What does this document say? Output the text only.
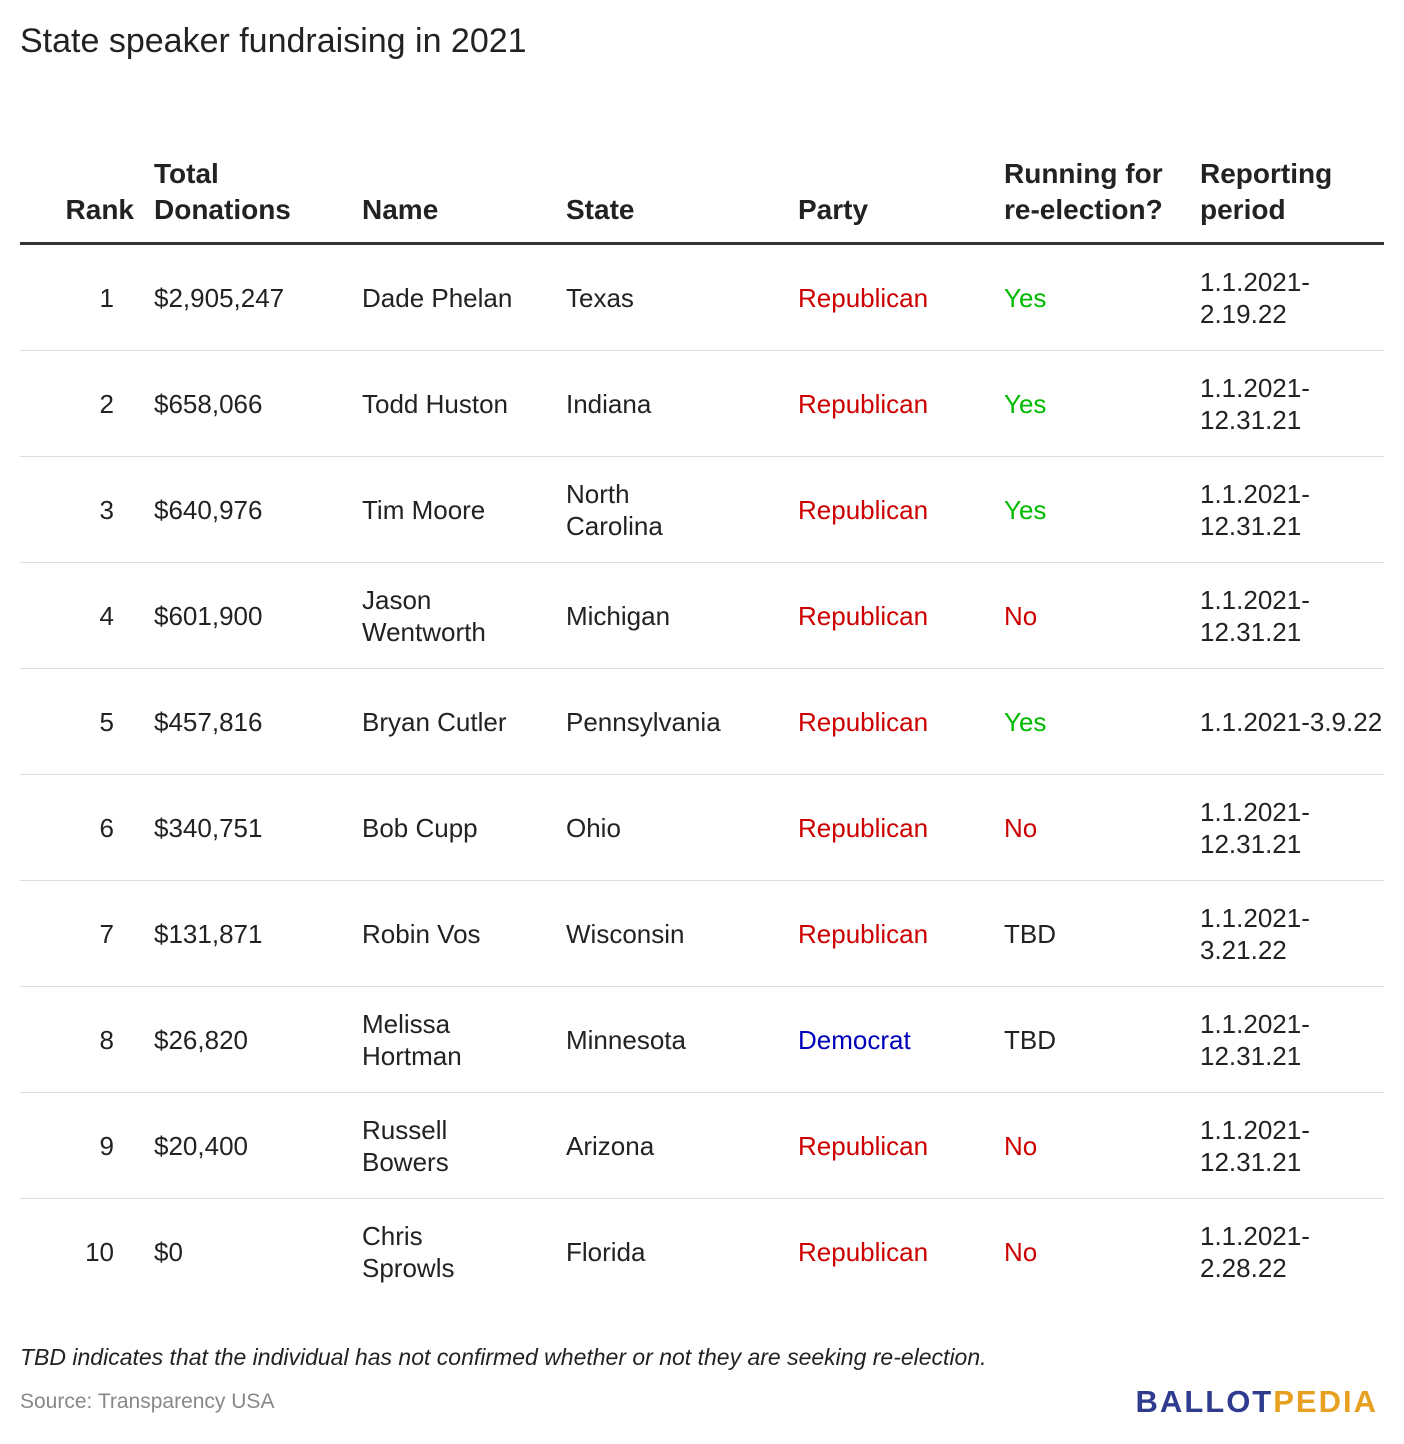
State speaker fundraising in 2021
Rank	Total Donations	Name	State	Party	Running for re-election?	Reporting period
1	$2,905,247	Dade Phelan	Texas	Republican	Yes	1.1.2021-2.19.22
2	$658,066	Todd Huston	Indiana	Republican	Yes	1.1.2021-12.31.21
3	$640,976	Tim Moore	North Carolina	Republican	Yes	1.1.2021-12.31.21
4	$601,900	Jason Wentworth	Michigan	Republican	No	1.1.2021-12.31.21
5	$457,816	Bryan Cutler	Pennsylvania	Republican	Yes	1.1.2021-3.9.22
6	$340,751	Bob Cupp	Ohio	Republican	No	1.1.2021-12.31.21
7	$131,871	Robin Vos	Wisconsin	Republican	TBD	1.1.2021-3.21.22
8	$26,820	Melissa Hortman	Minnesota	Democrat	TBD	1.1.2021-12.31.21
9	$20,400	Russell Bowers	Arizona	Republican	No	1.1.2021-12.31.21
10	$0	Chris Sprowls	Florida	Republican	No	1.1.2021-2.28.22
TBD indicates that the individual has not confirmed whether or not they are seeking re-election.
Source: Transparency USA	BALLOTPEDIA
